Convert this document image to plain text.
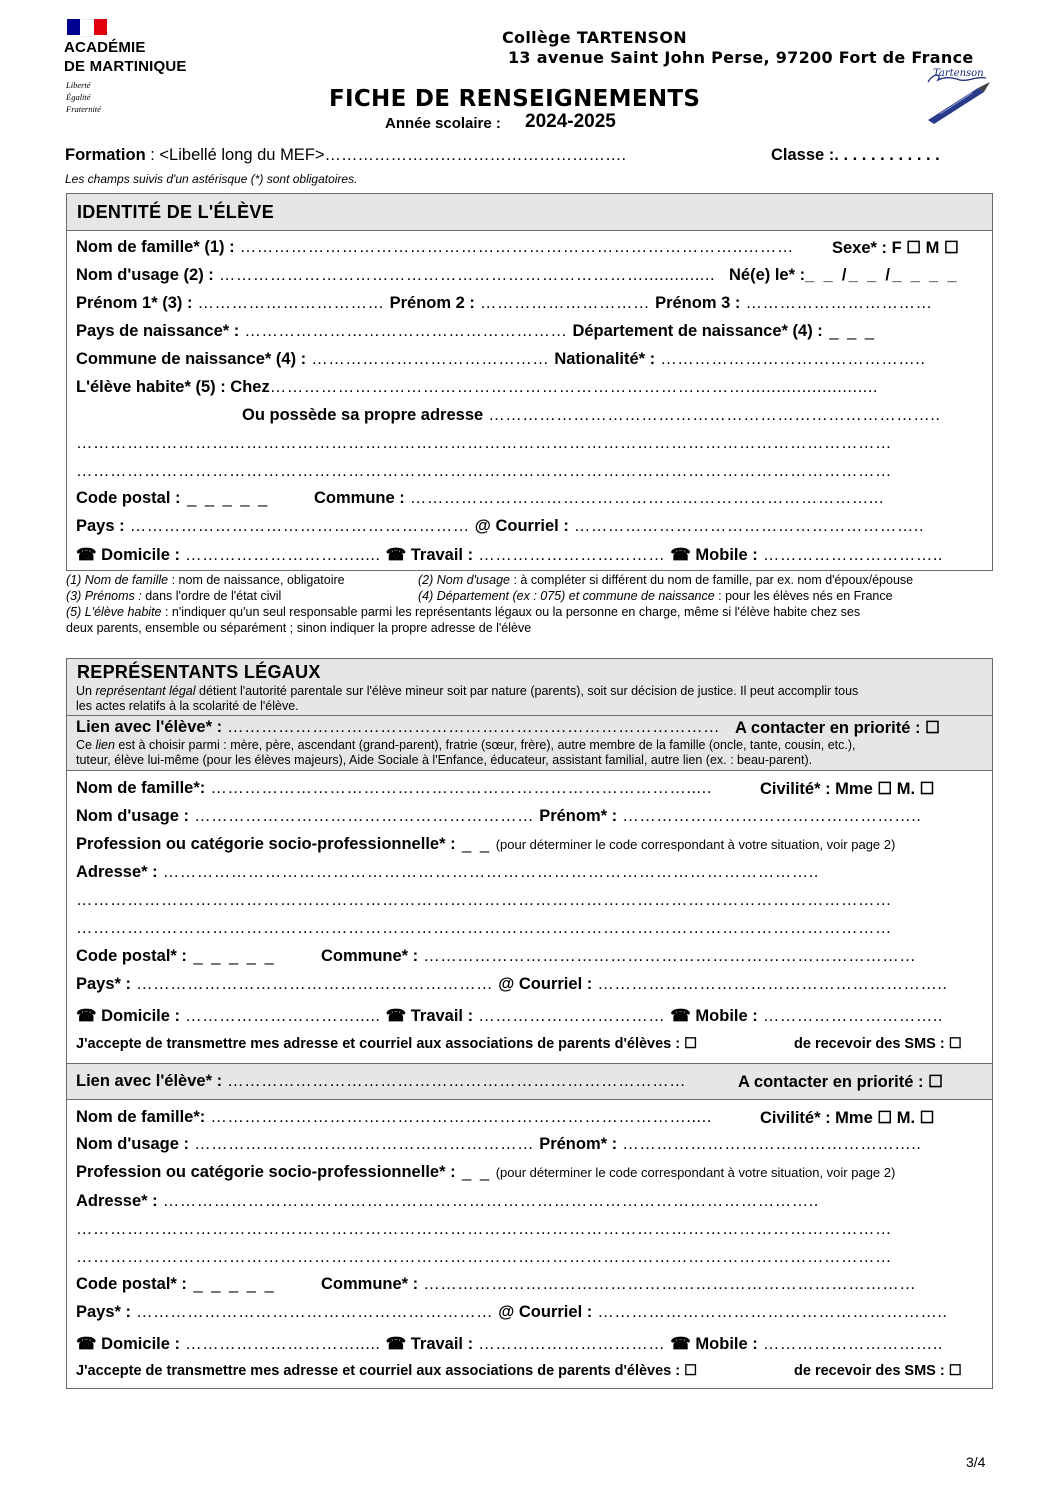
ACADÉMIE
DE MARTINIQUE
Liberté
Égalité
Fraternité
Collège TARTENSON
13 avenue Saint John Perse, 97200 Fort de France
FICHE DE RENSEIGNEMENTS
Année scolaire : 2024-2025
Tartenson
Formation : <Libellé long du MEF>……………………………………………….	Classe :. . . . . . . . . . . .
Les champs suivis d'un astérisque (*) sont obligatoires.
IDENTITÉ DE L'ÉLÈVE
Nom de famille* (1) : ……………………………………………………………………………..……… Sexe* : F ☐ M ☐
Nom d'usage (2) : ………………………………………………………………….............. Né(e) le* :_ _ /_ _ /_ _ _ _
Prénom 1* (3) : …………………………… Prénom 2 : ………………………… Prénom 3 : ……………………………
Pays de naissance* : ………………………………………………… Département de naissance* (4) : _ _ _
Commune de naissance* (4) : …………………………………… Nationalité* : ………………………………………..
L'élève habite* (5) : Chez…………………………………………………………………………..........................
Ou possède sa propre adresse ……………………………………………………………………..
………………………………………………………………………………………………………………………………
………………………………………………………………………………………………………………………………
Code postal : _ _ _ _ _	Commune : ………………………………………………………………………...
Pays : …………………………………………………… @ Courriel : ……………………………………………………..
☎ Domicile : …………………………..... ☎ Travail : …………………………… ☎ Mobile : …………………………..
(1) Nom de famille : nom de naissance, obligatoire	(2) Nom d'usage : à compléter si différent du nom de famille, par ex. nom d'époux/épouse
(3) Prénoms : dans l'ordre de l'état civil	(4) Département (ex : 075) et commune de naissance : pour les élèves nés en France
(5) L'élève habite : n'indiquer qu'un seul responsable parmi les représentants légaux ou la personne en charge, même si l'élève habite chez ses
deux parents, ensemble ou séparément ; sinon indiquer la propre adresse de l'élève
REPRÉSENTANTS LÉGAUX
Un représentant légal détient l'autorité parentale sur l'élève mineur soit par nature (parents), soit sur décision de justice. Il peut accomplir tous
les actes relatifs à la scolarité de l'élève.
Lien avec l'élève* : …………………………………………………………………………… A contacter en priorité : ☐
Ce lien est à choisir parmi : mère, père, ascendant (grand-parent), fratrie (sœur, frère), autre membre de la famille (oncle, tante, cousin, etc.),
tuteur, élève lui-même (pour les élèves majeurs), Aide Sociale à l'Enfance, éducateur, assistant familial, autre lien (ex. : beau-parent).
Nom de famille*: ………………………………………………………………………….....	Civilité* : Mme ☐ M. ☐
Nom d'usage : …………………………………………………… Prénom* : ……………………………………………..
Profession ou catégorie socio-professionnelle* : _ _ (pour déterminer le code correspondant à votre situation, voir page 2)
Adresse* : ……………………………………………………………………………………………………..
………………………………………………………………………………………………………………………………
………………………………………………………………………………………………………………………………
Code postal* : _ _ _ _ _	Commune* : ……………………………………………………………………………
Pays* : ……………………………………………………… @ Courriel : ……………………………………………………..
☎ Domicile : …………………………..... ☎ Travail : …………………………… ☎ Mobile : …………………………..
J'accepte de transmettre mes adresse et courriel aux associations de parents d'élèves : ☐	de recevoir des SMS : ☐
Lien avec l'élève* : ………………………………………………………………………	A contacter en priorité : ☐
Nom de famille*: ………………………………………………………………………….....	Civilité* : Mme ☐ M. ☐
Nom d'usage : …………………………………………………… Prénom* : ……………………………………………..
Profession ou catégorie socio-professionnelle* : _ _ (pour déterminer le code correspondant à votre situation, voir page 2)
Adresse* : ……………………………………………………………………………………………………..
………………………………………………………………………………………………………………………………
………………………………………………………………………………………………………………………………
Code postal* : _ _ _ _ _	Commune* : ……………………………………………………………………………
Pays* : ……………………………………………………… @ Courriel : ……………………………………………………..
☎ Domicile : …………………………..... ☎ Travail : …………………………… ☎ Mobile : …………………………..
J'accepte de transmettre mes adresse et courriel aux associations de parents d'élèves : ☐	de recevoir des SMS : ☐
3/4
